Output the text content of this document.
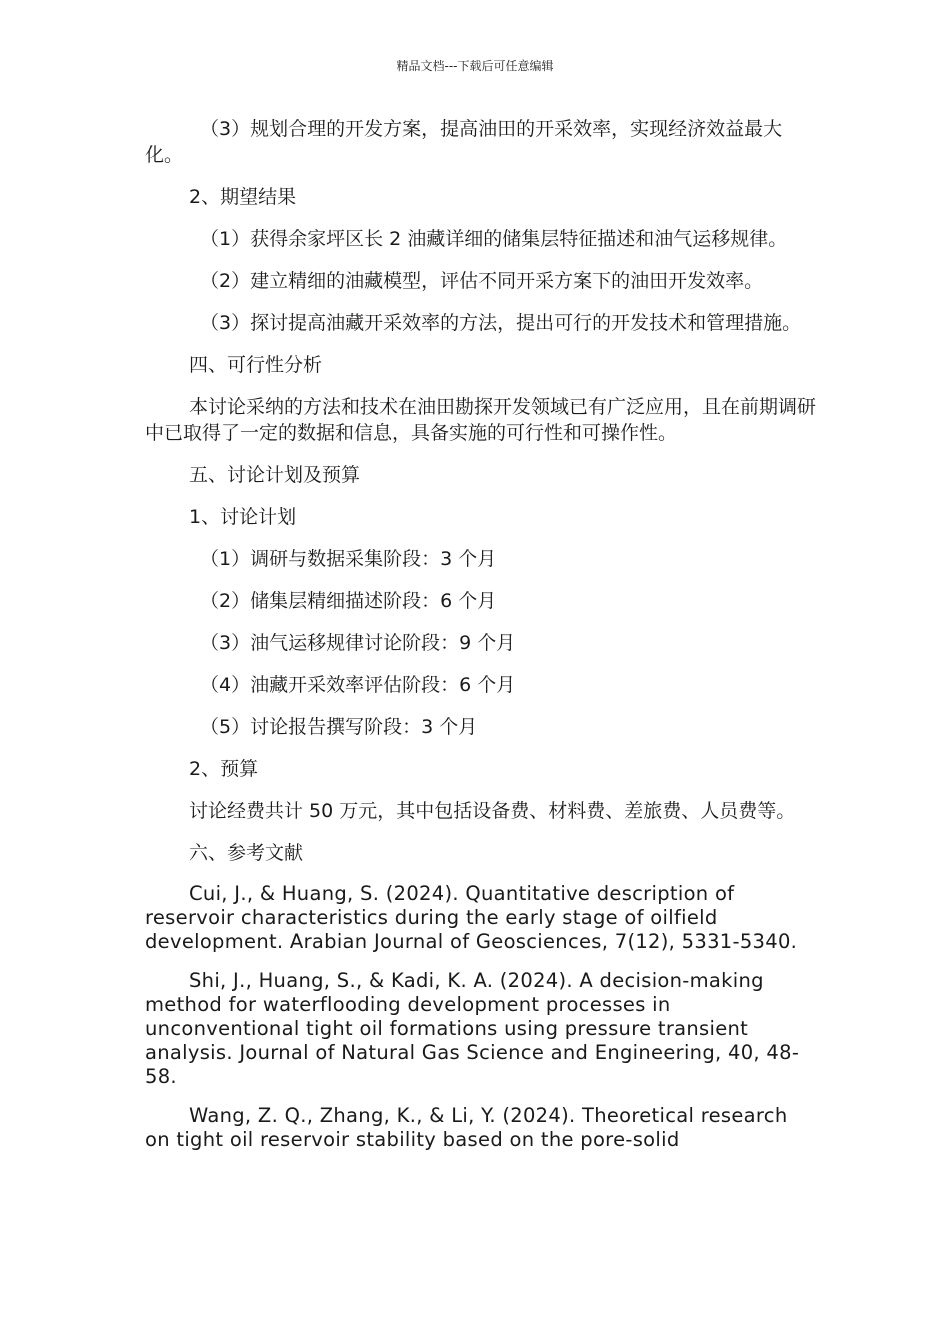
精品文档---下载后可任意编辑

（3）规划合理的开发方案，提高油田的开采效率，实现经济效益最大化。

2、期望结果

（1）获得余家坪区长 2 油藏详细的储集层特征描述和油气运移规律。

（2）建立精细的油藏模型，评估不同开采方案下的油田开发效率。

（3）探讨提高油藏开采效率的方法，提出可行的开发技术和管理措施。

四、可行性分析

本讨论采纳的方法和技术在油田勘探开发领域已有广泛应用，且在前期调研中已取得了一定的数据和信息，具备实施的可行性和可操作性。

五、讨论计划及预算

1、讨论计划

（1）调研与数据采集阶段：3 个月

（2）储集层精细描述阶段：6 个月

（3）油气运移规律讨论阶段：9 个月

（4）油藏开采效率评估阶段：6 个月

（5）讨论报告撰写阶段：3 个月

2、预算

讨论经费共计 50 万元，其中包括设备费、材料费、差旅费、人员费等。

六、参考文献

Cui, J., & Huang, S. (2024). Quantitative description of reservoir characteristics during the early stage of oilfield development. Arabian Journal of Geosciences, 7(12), 5331-5340.

Shi, J., Huang, S., & Kadi, K. A. (2024). A decision-making method for waterflooding development processes in unconventional tight oil formations using pressure transient analysis. Journal of Natural Gas Science and Engineering, 40, 48-58.

Wang, Z. Q., Zhang, K., & Li, Y. (2024). Theoretical research on tight oil reservoir stability based on the pore-solid
